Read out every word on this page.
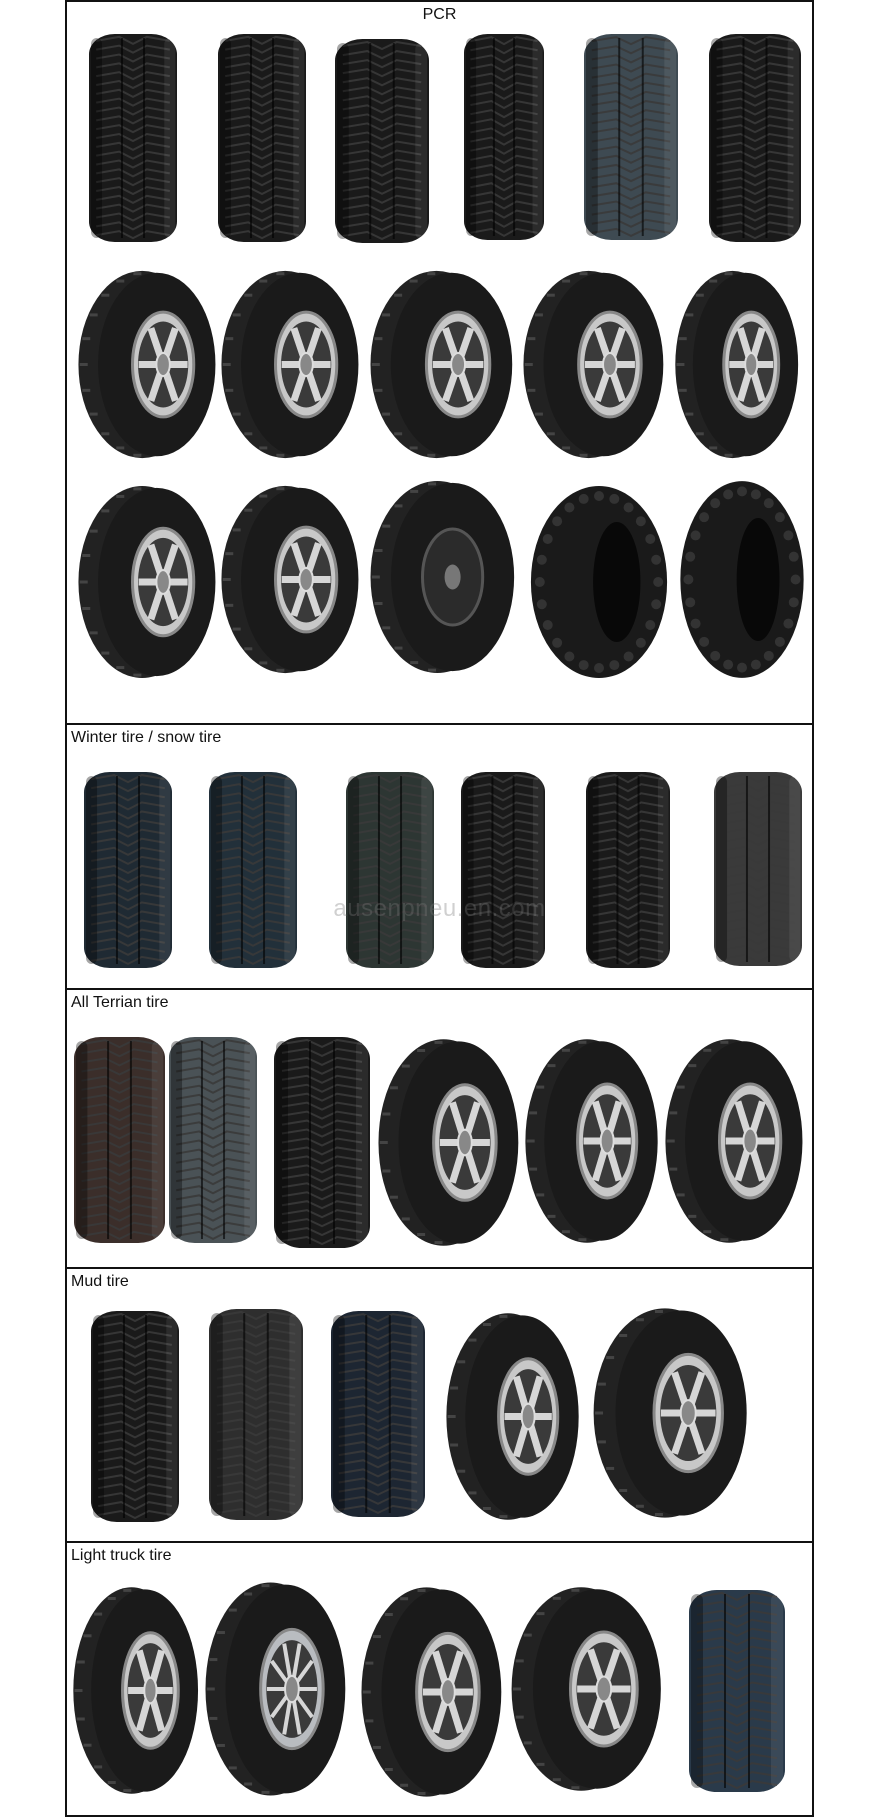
PCR
Winter tire / snow tire
ausenpneu.en.com
All Terrian tire
Mud tire
Light truck tire
